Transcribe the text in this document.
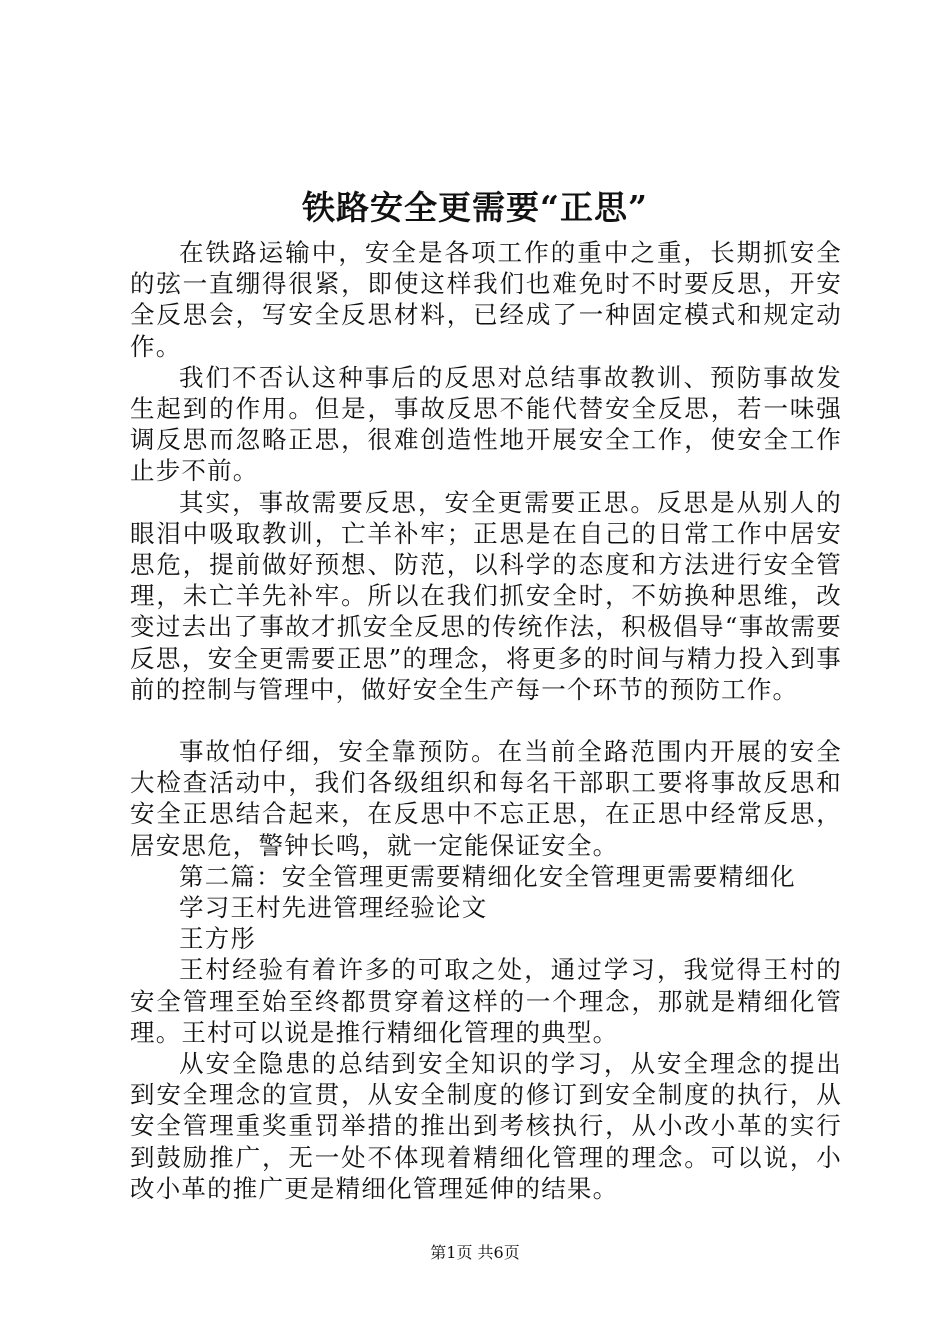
铁路安全更需要“正思”

在铁路运输中，安全是各项工作的重中之重，长期抓安全的弦一直绷得很紧，即使这样我们也难免时不时要反思，开安全反思会，写安全反思材料，已经成了一种固定模式和规定动作。

我们不否认这种事后的反思对总结事故教训、预防事故发生起到的作用。但是，事故反思不能代替安全反思，若一味强调反思而忽略正思，很难创造性地开展安全工作，使安全工作止步不前。

其实，事故需要反思，安全更需要正思。反思是从别人的眼泪中吸取教训，亡羊补牢；正思是在自己的日常工作中居安思危，提前做好预想、防范，以科学的态度和方法进行安全管理，未亡羊先补牢。所以在我们抓安全时，不妨换种思维，改变过去出了事故才抓安全反思的传统作法，积极倡导“事故需要反思，安全更需要正思”的理念，将更多的时间与精力投入到事前的控制与管理中，做好安全生产每一个环节的预防工作。

事故怕仔细，安全靠预防。在当前全路范围内开展的安全大检查活动中，我们各级组织和每名干部职工要将事故反思和安全正思结合起来，在反思中不忘正思，在正思中经常反思，居安思危，警钟长鸣，就一定能保证安全。

第二篇：安全管理更需要精细化安全管理更需要精细化

学习王村先进管理经验论文

王方彤

王村经验有着许多的可取之处，通过学习，我觉得王村的安全管理至始至终都贯穿着这样的一个理念，那就是精细化管理。王村可以说是推行精细化管理的典型。

从安全隐患的总结到安全知识的学习，从安全理念的提出到安全理念的宣贯，从安全制度的修订到安全制度的执行，从安全管理重奖重罚举措的推出到考核执行，从小改小革的实行到鼓励推广，无一处不体现着精细化管理的理念。可以说，小改小革的推广更是精细化管理延伸的结果。

第1页 共6页
